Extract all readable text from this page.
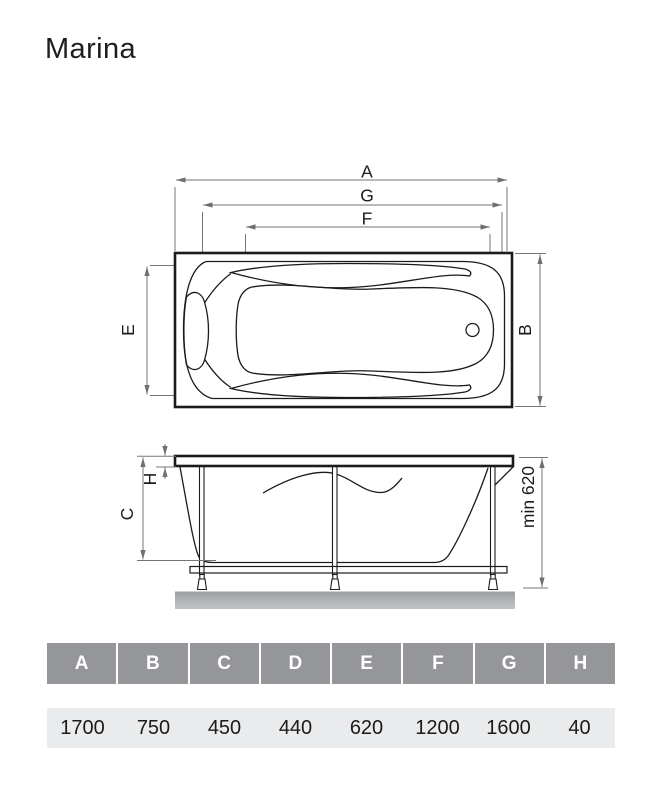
Marina
A
G
F
E	B
H
C	min 620
A	B	C	D	E	F	G	H
1700	750	450	440	620	1200	1600	40
